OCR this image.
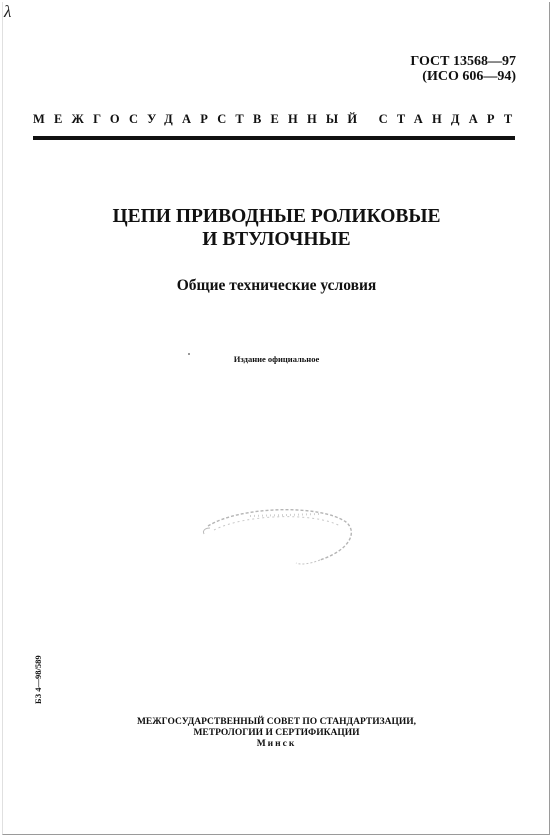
λ
ГОСТ 13568—97
(ИСО 606—94)
МЕЖГОСУДАРСТВЕННЫЙ СТАНДАРТ
ЦЕПИ ПРИВОДНЫЕ РОЛИКОВЫЕ
И ВТУЛОЧНЫЕ
Общие технические условия
Издание официальное
БЗ 4—98/589
МЕЖГОСУДАРСТВЕННЫЙ СОВЕТ ПО СТАНДАРТИЗАЦИИ,
МЕТРОЛОГИИ И СЕРТИФИКАЦИИ
Минск
